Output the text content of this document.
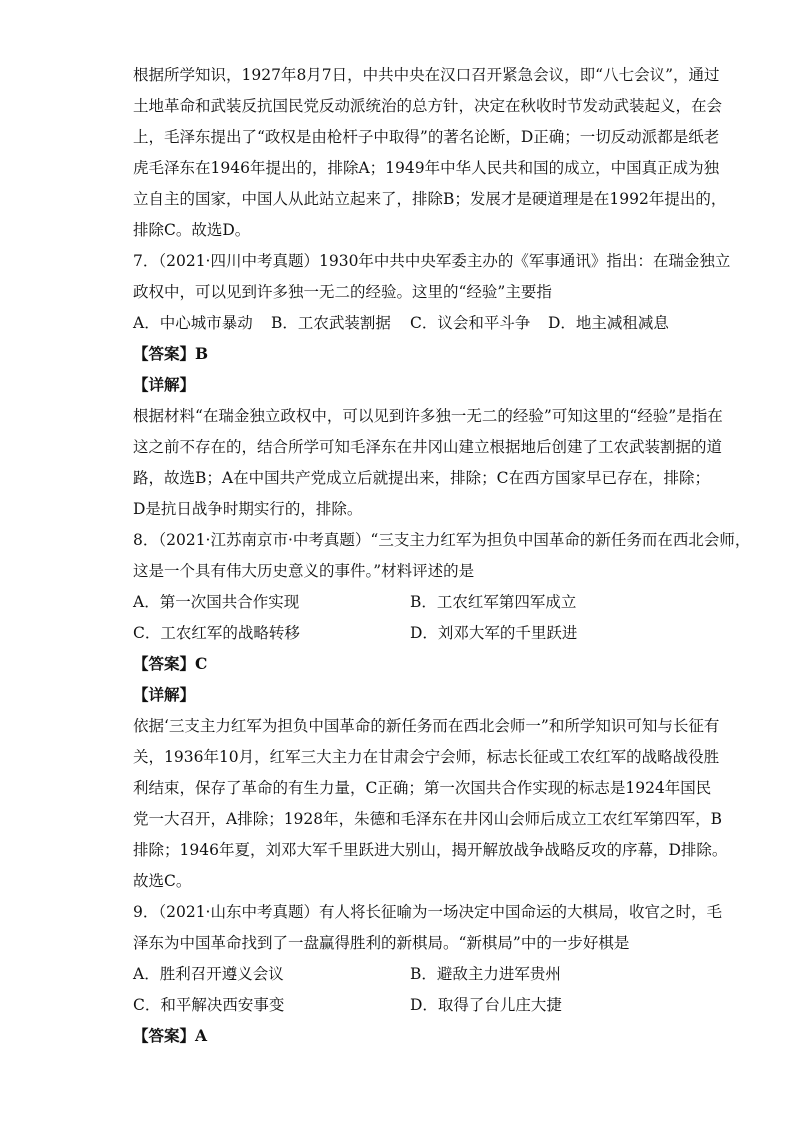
根据所学知识，1927年8月7日，中共中央在汉口召开紧急会议，即“八七会议”，通过
土地革命和武装反抗国民党反动派统治的总方针，决定在秋收时节发动武装起义，在会
上，毛泽东提出了“政权是由枪杆子中取得”的著名论断，D正确；一切反动派都是纸老
虎毛泽东在1946年提出的，排除A；1949年中华人民共和国的成立，中国真正成为独
立自主的国家，中国人从此站立起来了，排除B；发展才是硬道理是在1992年提出的，
排除C。故选D。
7．（2021·四川中考真题）1930年中共中央军委主办的《军事通讯》指出：在瑞金独立
政权中，可以见到许多独一无二的经验。这里的“经验”主要指
A．中心城市暴动 B．工农武装割据 C．议会和平斗争 D．地主减租减息
【答案】B
【详解】
根据材料“在瑞金独立政权中，可以见到许多独一无二的经验”可知这里的“经验”是指在
这之前不存在的，结合所学可知毛泽东在井冈山建立根据地后创建了工农武装割据的道
路，故选B；A在中国共产党成立后就提出来，排除；C在西方国家早已存在，排除；
D是抗日战争时期实行的，排除。
8．（2021·江苏南京市·中考真题）“三支主力红军为担负中国革命的新任务而在西北会师，
这是一个具有伟大历史意义的事件。”材料评述的是
A．第一次国共合作实现	B．工农红军第四军成立
C．工农红军的战略转移	D．刘邓大军的千里跃进
【答案】C
【详解】
依据‘三支主力红军为担负中国革命的新任务而在西北会师一”和所学知识可知与长征有
关，1936年10月，红军三大主力在甘肃会宁会师，标志长征或工农红军的战略战役胜
利结束，保存了革命的有生力量，C正确；第一次国共合作实现的标志是1924年国民
党一大召开，A排除；1928年，朱德和毛泽东在井冈山会师后成立工农红军第四军，B
排除；1946年夏，刘邓大军千里跃进大别山，揭开解放战争战略反攻的序幕，D排除。
故选C。
9．（2021·山东中考真题）有人将长征喻为一场决定中国命运的大棋局，收官之时，毛
泽东为中国革命找到了一盘赢得胜利的新棋局。“新棋局”中的一步好棋是
A．胜利召开遵义会议	B．避敌主力进军贵州
C．和平解决西安事变	D．取得了台儿庄大捷
【答案】A
